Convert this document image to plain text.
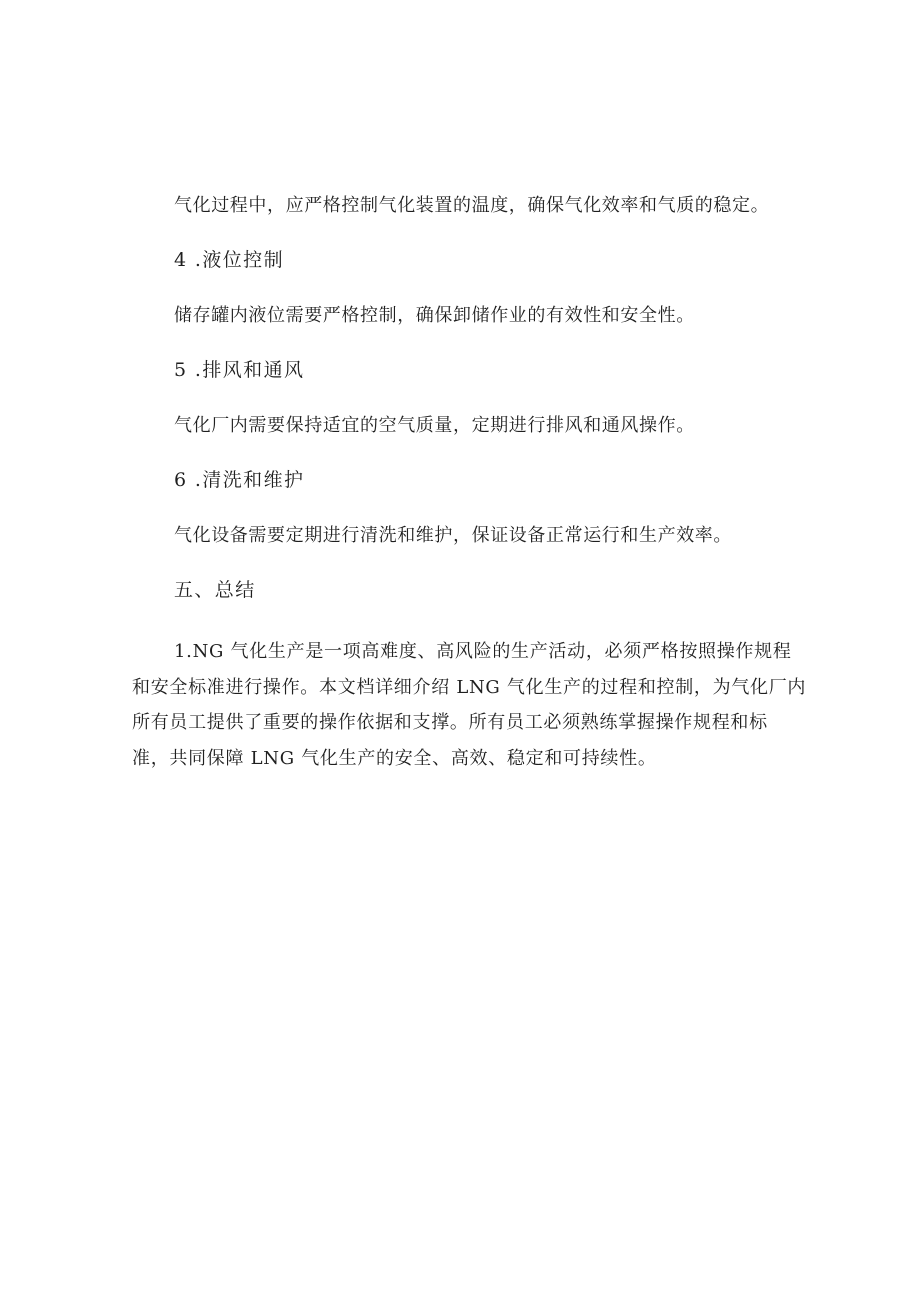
气化过程中，应严格控制气化装置的温度，确保气化效率和气质的稳定。

4 .液位控制

储存罐内液位需要严格控制，确保卸储作业的有效性和安全性。

5 .排风和通风

气化厂内需要保持适宜的空气质量，定期进行排风和通风操作。

6 .清洗和维护

气化设备需要定期进行清洗和维护，保证设备正常运行和生产效率。

五、总结

1.NG 气化生产是一项高难度、高风险的生产活动，必须严格按照操作规程

和安全标准进行操作。本文档详细介绍 LNG 气化生产的过程和控制，为气化厂内

所有员工提供了重要的操作依据和支撑。所有员工必须熟练掌握操作规程和标

准，共同保障 LNG 气化生产的安全、高效、稳定和可持续性。
